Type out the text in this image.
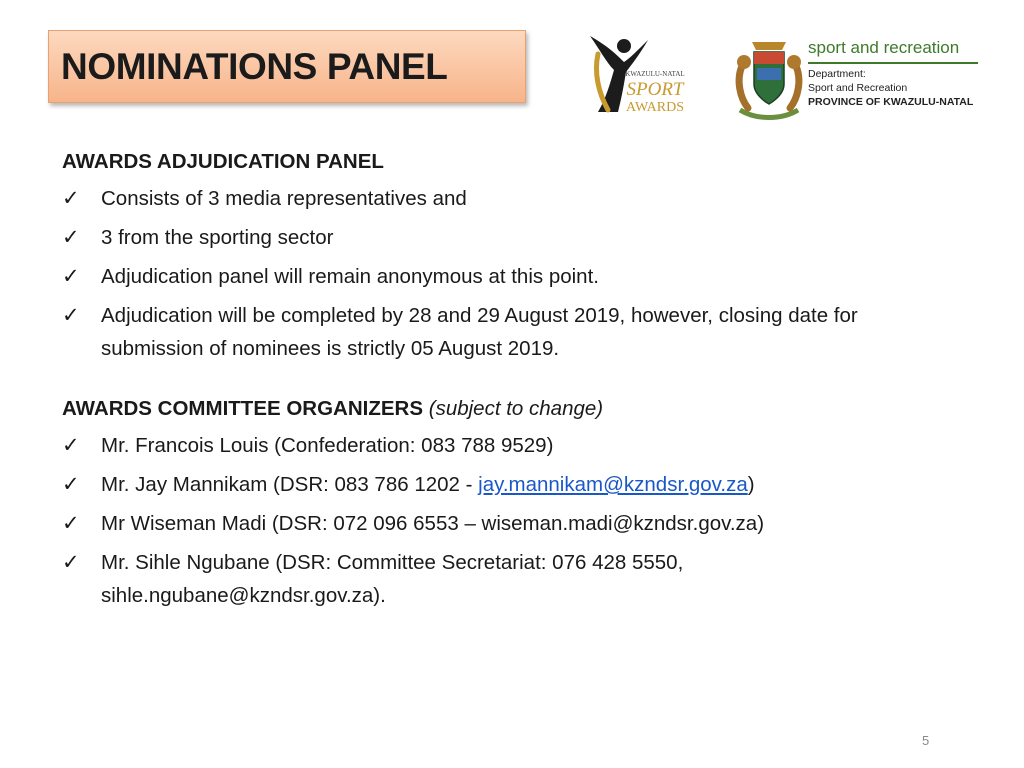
NOMINATIONS PANEL	KWAZULU-NATAL
SPORT
AWARDS
sport and recreation
Department:
Sport and Recreation
PROVINCE OF KWAZULU-NATAL
AWARDS ADJUDICATION PANEL
✓	Consists of 3 media representatives and
✓	3 from the sporting sector
✓	Adjudication panel will remain anonymous at this point.
✓	Adjudication will be completed by 28 and 29 August 2019, however, closing date for submission of nominees is strictly 05 August 2019.
AWARDS COMMITTEE ORGANIZERS (subject to change)
✓	Mr. Francois Louis (Confederation: 083 788 9529)
✓	Mr. Jay Mannikam (DSR: 083 786 1202 - jay.mannikam@kzndsr.gov.za)
✓	Mr Wiseman Madi (DSR: 072 096 6553 – wiseman.madi@kzndsr.gov.za)
✓	Mr. Sihle Ngubane (DSR: Committee Secretariat: 076 428 5550, sihle.ngubane@kzndsr.gov.za).
5
